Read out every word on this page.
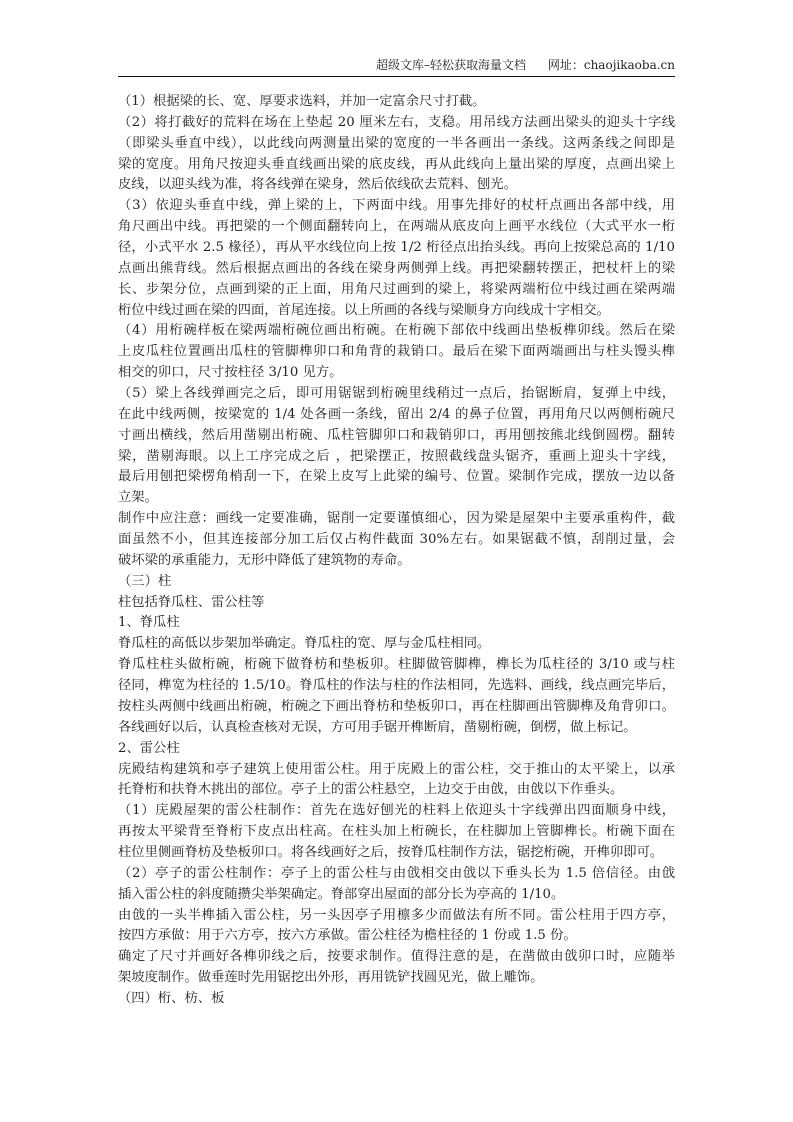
超级文库–轻松获取海量文档 网址：chaojikaoba.cn
（1）根据梁的长、宽、厚要求选料，并加一定富余尺寸打截。
（2）将打截好的荒料在场在上垫起 20 厘米左右，支稳。用吊线方法画出梁头的迎头十字线
（即梁头垂直中线），以此线向两测量出梁的宽度的一半各画出一条线。这两条线之间即是
梁的宽度。用角尺按迎头垂直线画出梁的底皮线，再从此线向上量出梁的厚度，点画出梁上
皮线，以迎头线为准，将各线弹在梁身，然后依线砍去荒料、刨光。
（3）依迎头垂直中线，弹上梁的上，下两面中线。用事先排好的杖杆点画出各部中线，用
角尺画出中线。再把梁的一个侧面翻转向上，在两端从底皮向上画平水线位（大式平水一桁
径，小式平水 2.5 椽径），再从平水线位向上按 1/2 桁径点出抬头线。再向上按梁总高的 1/10
点画出熊背线。然后根据点画出的各线在梁身两侧弹上线。再把梁翻转摆正，把杖杆上的梁
长、步架分位，点画到梁的正上面，用角尺过画到的梁上，将梁两端桁位中线过画在梁两端
桁位中线过画在梁的四面，首尾连接。以上所画的各线与梁顺身方向线成十字相交。
（4）用桁碗样板在梁两端桁碗位画出桁碗。在桁碗下部依中线画出垫板榫卯线。然后在梁
上皮瓜柱位置画出瓜柱的管脚榫卯口和角背的栽销口。最后在梁下面两端画出与柱头馒头榫
相交的卯口，尺寸按柱径 3/10 见方。
（5）梁上各线弹画完之后，即可用锯锯到桁碗里线稍过一点后，抬锯断肩，复弹上中线，
在此中线两侧，按梁宽的 1/4 处各画一条线，留出 2/4 的鼻子位置，再用角尺以两侧桁碗尺
寸画出横线，然后用凿剔出桁碗、瓜柱管脚卯口和栽销卯口，再用刨按熊北线倒圆楞。翻转
梁，凿剔海眼。以上工序完成之后 ，把梁摆正，按照截线盘头锯齐，重画上迎头十字线，
最后用刨把梁楞角梢刮一下，在梁上皮写上此梁的编号、位置。梁制作完成，摆放一边以备
立架。
制作中应注意：画线一定要准确，锯削一定要谨慎细心，因为梁是屋架中主要承重构件，截
面虽然不小，但其连接部分加工后仅占构件截面 30%左右。如果锯截不慎，刮削过量，会
破坏梁的承重能力，无形中降低了建筑物的寿命。
（三）柱
柱包括脊瓜柱、雷公柱等
1、脊瓜柱
脊瓜柱的高低以步架加举确定。脊瓜柱的宽、厚与金瓜柱相同。
脊瓜柱柱头做桁碗，桁碗下做脊枋和垫板卯。柱脚做管脚榫，榫长为瓜柱径的 3/10 或与柱
径同，榫宽为柱径的 1.5/10。脊瓜柱的作法与柱的作法相同，先选料、画线，线点画完毕后，
按柱头两侧中线画出桁碗，桁碗之下画出脊枋和垫板卯口，再在柱脚画出管脚榫及角背卯口。
各线画好以后，认真检查核对无误，方可用手锯开榫断肩，凿剔桁碗，倒楞，做上标记。
2、雷公柱
庑殿结构建筑和亭子建筑上使用雷公柱。用于庑殿上的雷公柱，交于推山的太平梁上，以承
托脊桁和扶脊木挑出的部位。亭子上的雷公柱悬空，上边交于由戗，由戗以下作垂头。
（1）庑殿屋架的雷公柱制作：首先在选好刨光的柱料上依迎头十字线弹出四面顺身中线，
再按太平梁背至脊桁下皮点出柱高。在柱头加上桁碗长，在柱脚加上管脚榫长。桁碗下面在
柱位里侧画脊枋及垫板卯口。将各线画好之后，按脊瓜柱制作方法，锯挖桁碗，开榫卯即可。
（2）亭子的雷公柱制作：亭子上的雷公柱与由戗相交由戗以下垂头长为 1.5 倍信径。由戗
插入雷公柱的斜度随攒尖举架确定。脊部穿出屋面的部分长为亭高的 1/10。
由戗的一头半榫插入雷公柱，另一头因亭子用檩多少而做法有所不同。雷公柱用于四方亭，
按四方承做：用于六方亭，按六方承做。雷公柱径为檐柱径的 1 份或 1.5 份。
确定了尺寸并画好各榫卯线之后，按要求制作。值得注意的是，在凿做由戗卯口时，应随举
架坡度制作。做垂莲时先用锯挖出外形，再用铣铲找圆见光，做上雕饰。
（四）桁、枋、板
